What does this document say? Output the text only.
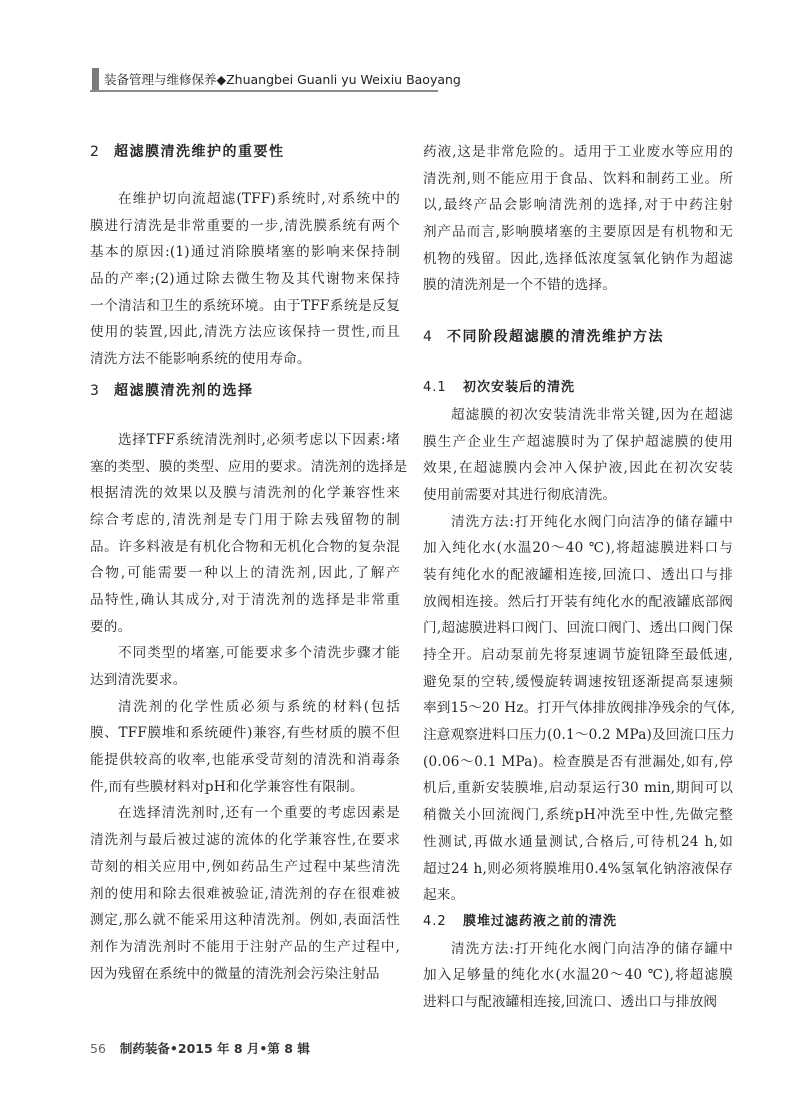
装备管理与维修保养◆Zhuangbei Guanli yu Weixiu Baoyang
2 超滤膜清洗维护的重要性
在维护切向流超滤(TFF)系统时,对系统中的
膜进行清洗是非常重要的一步,清洗膜系统有两个
基本的原因:(1)通过消除膜堵塞的影响来保持制
品的产率;(2)通过除去微生物及其代谢物来保持
一个清洁和卫生的系统环境。由于TFF系统是反复
使用的装置,因此,清洗方法应该保持一贯性,而且
清洗方法不能影响系统的使用寿命。
3 超滤膜清洗剂的选择
选择TFF系统清洗剂时,必须考虑以下因素:堵
塞的类型、膜的类型、应用的要求。清洗剂的选择是
根据清洗的效果以及膜与清洗剂的化学兼容性来
综合考虑的,清洗剂是专门用于除去残留物的制
品。许多料液是有机化合物和无机化合物的复杂混
合物,可能需要一种以上的清洗剂,因此,了解产
品特性,确认其成分,对于清洗剂的选择是非常重
要的。
不同类型的堵塞,可能要求多个清洗步骤才能
达到清洗要求。
清洗剂的化学性质必须与系统的材料(包括
膜、TFF膜堆和系统硬件)兼容,有些材质的膜不但
能提供较高的收率,也能承受苛刻的清洗和消毒条
件,而有些膜材料对pH和化学兼容性有限制。
在选择清洗剂时,还有一个重要的考虑因素是
清洗剂与最后被过滤的流体的化学兼容性,在要求
苛刻的相关应用中,例如药品生产过程中某些清洗
剂的使用和除去很难被验证,清洗剂的存在很难被
测定,那么就不能采用这种清洗剂。例如,表面活性
剂作为清洗剂时不能用于注射产品的生产过程中,
因为残留在系统中的微量的清洗剂会污染注射品
药液,这是非常危险的。适用于工业废水等应用的
清洗剂,则不能应用于食品、饮料和制药工业。所
以,最终产品会影响清洗剂的选择,对于中药注射
剂产品而言,影响膜堵塞的主要原因是有机物和无
机物的残留。因此,选择低浓度氢氧化钠作为超滤
膜的清洗剂是一个不错的选择。
4 不同阶段超滤膜的清洗维护方法
4.1 初次安装后的清洗
超滤膜的初次安装清洗非常关键,因为在超滤
膜生产企业生产超滤膜时为了保护超滤膜的使用
效果,在超滤膜内会冲入保护液,因此在初次安装
使用前需要对其进行彻底清洗。
清洗方法:打开纯化水阀门向洁净的储存罐中
加入纯化水(水温20～40 ℃),将超滤膜进料口与
装有纯化水的配液罐相连接,回流口、透出口与排
放阀相连接。然后打开装有纯化水的配液罐底部阀
门,超滤膜进料口阀门、回流口阀门、透出口阀门保
持全开。启动泵前先将泵速调节旋钮降至最低速,
避免泵的空转,缓慢旋转调速按钮逐渐提高泵速频
率到15～20 Hz。打开气体排放阀排净残余的气体,
注意观察进料口压力(0.1～0.2 MPa)及回流口压力
(0.06～0.1 MPa)。检查膜是否有泄漏处,如有,停
机后,重新安装膜堆,启动泵运行30 min,期间可以
稍微关小回流阀门,系统pH冲洗至中性,先做完整
性测试,再做水通量测试,合格后,可待机24 h,如
超过24 h,则必须将膜堆用0.4%氢氧化钠溶液保存
起来。
4.2 膜堆过滤药液之前的清洗
清洗方法:打开纯化水阀门向洁净的储存罐中
加入足够量的纯化水(水温20～40 ℃),将超滤膜
进料口与配液罐相连接,回流口、透出口与排放阀
56 制药装备•2015 年 8 月•第 8 辑
